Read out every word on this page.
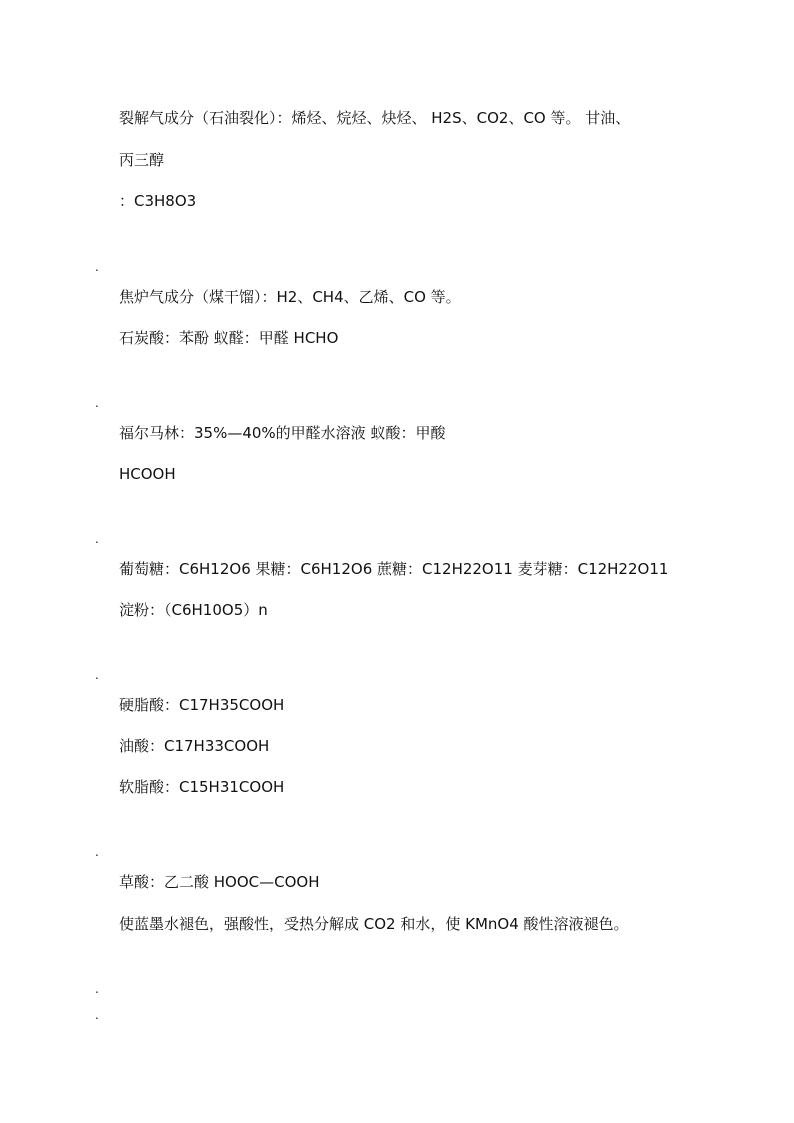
裂解气成分（石油裂化）：烯烃、烷烃、炔烃、 H2S、CO2、CO 等。 甘油、
丙三醇
：C3H8O3
.
焦炉气成分（煤干馏）：H2、CH4、乙烯、CO 等。
石炭酸：苯酚 蚁醛：甲醛 HCHO
.
福尔马林：35%—40%的甲醛水溶液 蚁酸：甲酸
HCOOH
.
葡萄糖：C6H12O6 果糖：C6H12O6 蔗糖：C12H22O11 麦芽糖：C12H22O11
淀粉：（C6H10O5）n
.
硬脂酸：C17H35COOH
油酸：C17H33COOH
软脂酸：C15H31COOH
.
草酸：乙二酸 HOOC—COOH
使蓝墨水褪色，强酸性，受热分解成 CO2 和水，使 KMnO4 酸性溶液褪色。
.
.
